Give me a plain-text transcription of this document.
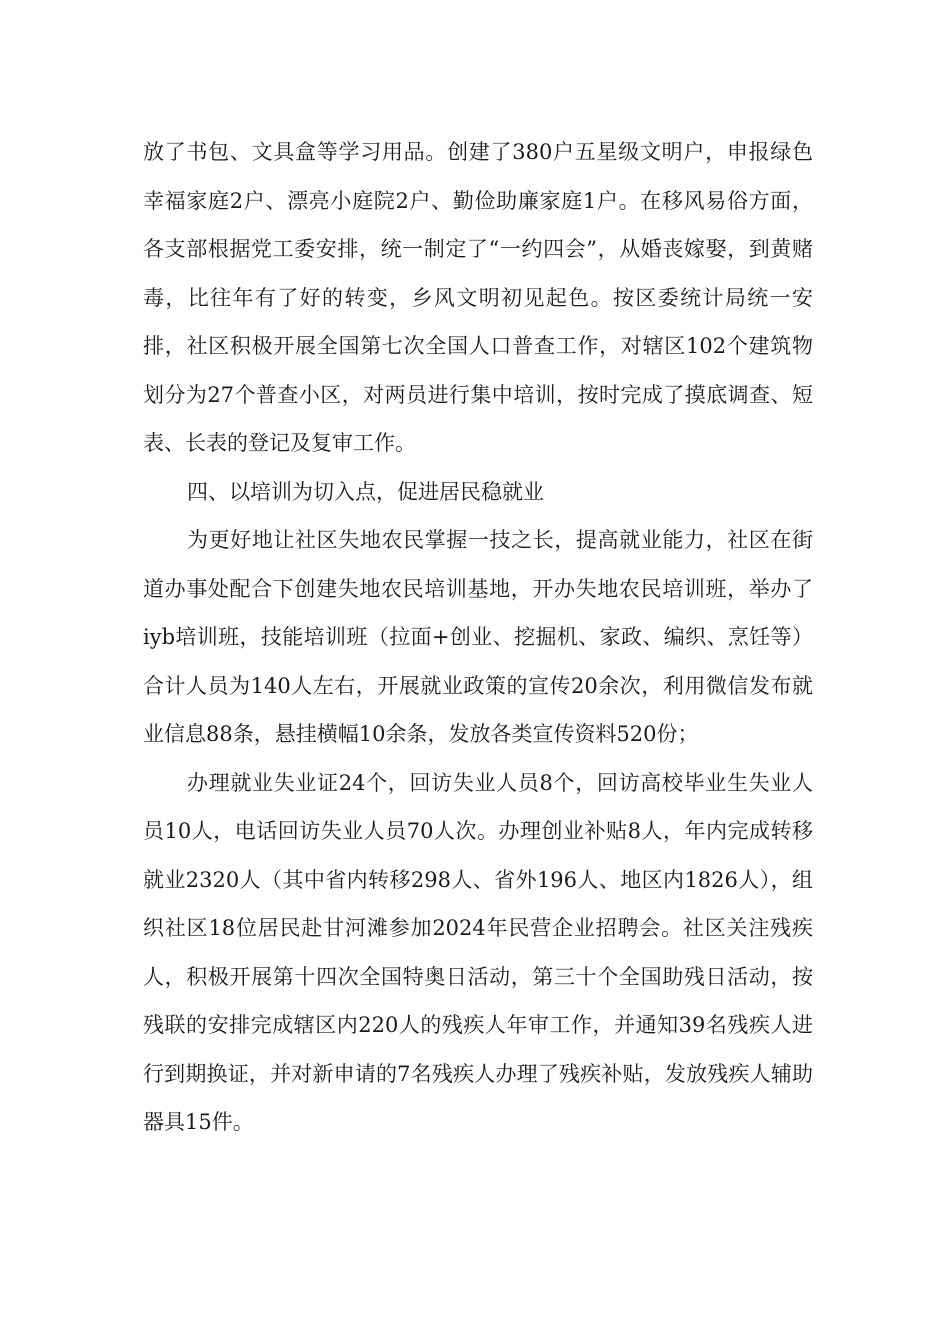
放了书包、文具盒等学习用品。创建了380户五星级文明户，申报绿色幸福家庭2户、漂亮小庭院2户、勤俭助廉家庭1户。在移风易俗方面，各支部根据党工委安排，统一制定了“一约四会”，从婚丧嫁娶，到黄赌毒，比往年有了好的转变，乡风文明初见起色。按区委统计局统一安排，社区积极开展全国第七次全国人口普查工作，对辖区102个建筑物划分为27个普查小区，对两员进行集中培训，按时完成了摸底调查、短表、长表的登记及复审工作。

四、以培训为切入点，促进居民稳就业

为更好地让社区失地农民掌握一技之长，提高就业能力，社区在街道办事处配合下创建失地农民培训基地，开办失地农民培训班，举办了iyb培训班，技能培训班（拉面+创业、挖掘机、家政、编织、烹饪等）合计人员为140人左右，开展就业政策的宣传20余次，利用微信发布就业信息88条，悬挂横幅10余条，发放各类宣传资料520份；

办理就业失业证24个，回访失业人员8个，回访高校毕业生失业人员10人，电话回访失业人员70人次。办理创业补贴8人，年内完成转移就业2320人（其中省内转移298人、省外196人、地区内1826人），组织社区18位居民赴甘河滩参加2024年民营企业招聘会。社区关注残疾人，积极开展第十四次全国特奥日活动，第三十个全国助残日活动，按残联的安排完成辖区内220人的残疾人年审工作，并通知39名残疾人进行到期换证，并对新申请的7名残疾人办理了残疾补贴，发放残疾人辅助器具15件。
